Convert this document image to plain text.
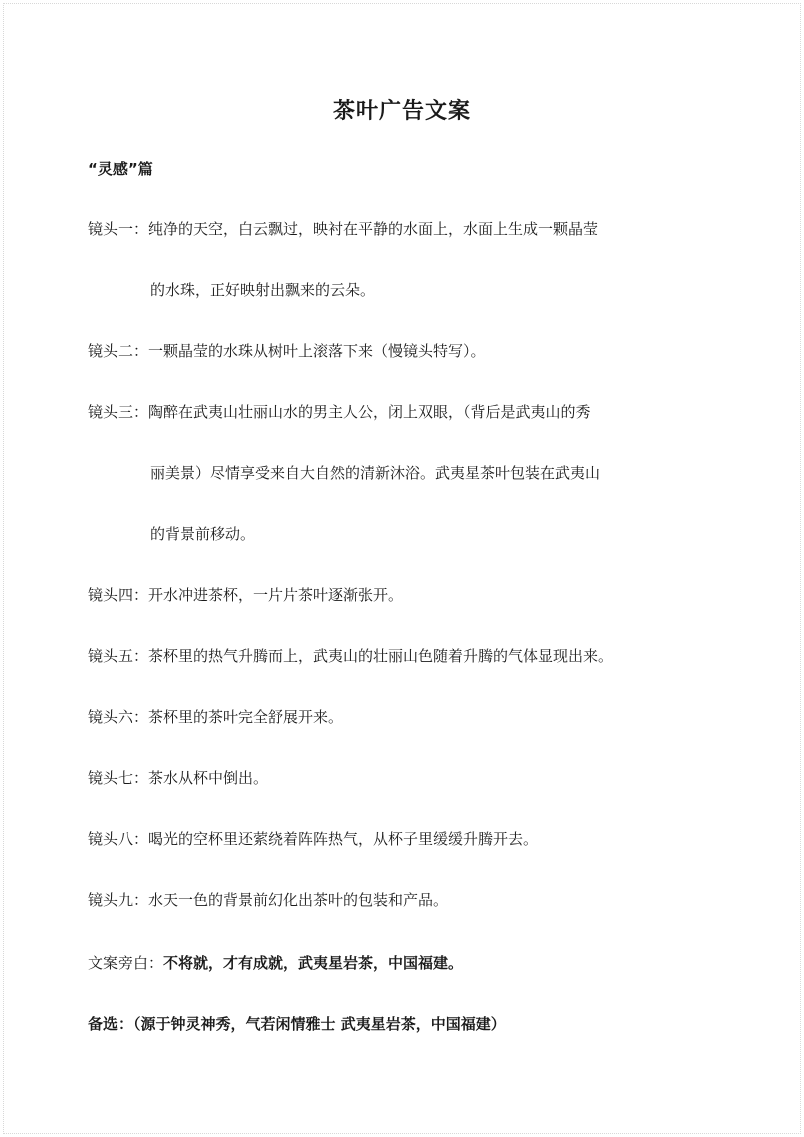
茶叶广告文案
“灵感”篇
镜头一：纯净的天空，白云飘过，映衬在平静的水面上，水面上生成一颗晶莹
的水珠，正好映射出飘来的云朵。
镜头二：一颗晶莹的水珠从树叶上滚落下来（慢镜头特写）。
镜头三：陶醉在武夷山壮丽山水的男主人公，闭上双眼，（背后是武夷山的秀
丽美景）尽情享受来自大自然的清新沐浴。武夷星茶叶包装在武夷山
的背景前移动。
镜头四：开水冲进茶杯，一片片茶叶逐渐张开。
镜头五：茶杯里的热气升腾而上，武夷山的壮丽山色随着升腾的气体显现出来。
镜头六：茶杯里的茶叶完全舒展开来。
镜头七：茶水从杯中倒出。
镜头八：喝光的空杯里还萦绕着阵阵热气，从杯子里缓缓升腾开去。
镜头九：水天一色的背景前幻化出茶叶的包装和产品。
文案旁白：不将就，才有成就，武夷星岩茶，中国福建。
备选：（源于钟灵神秀，气若闲情雅士 武夷星岩茶，中国福建）
